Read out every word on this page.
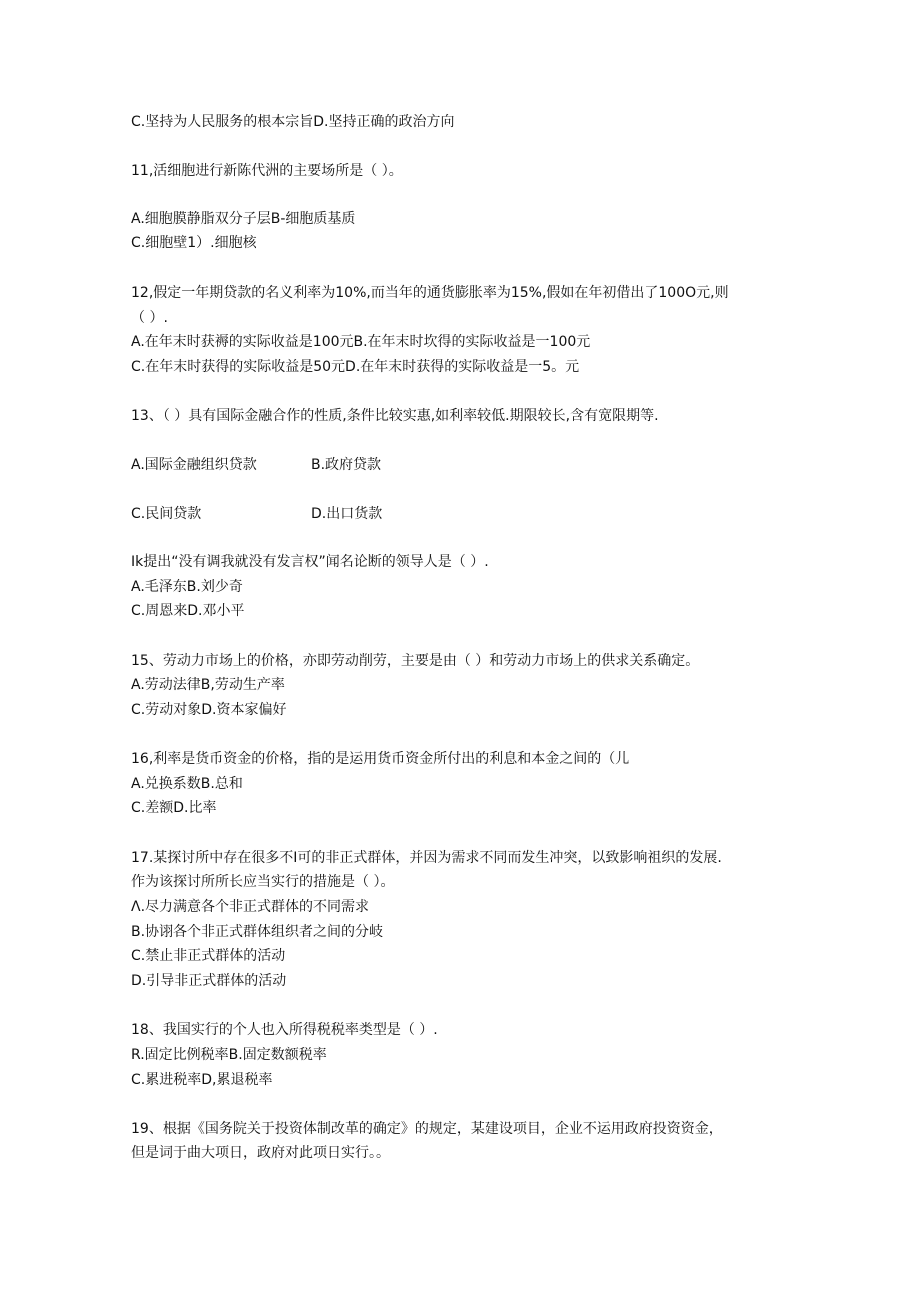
C.坚持为人民服务的根本宗旨D.坚持正确的政治方向
11,活细胞进行新陈代洲的主要场所是（ ）。
A.细胞膜静脂双分子层B-细胞质基质
C.细胞壁1）.细胞核
12,假定一年期贷款的名义利率为10%,而当年的通货膨胀率为15%,假如在年初借出了100O元,则
（ ）.
A.在年末时获褥的实际收益是100元B.在年末时坎得的实际收益是一100元
C.在年末时获得的实际收益是50元D.在年末时获得的实际收益是一5。元
13、（ ）具有国际金融合作的性质,条件比较实惠,如利率较低.期限较长,含有宽限期等.
A.国际金融组织贷款	B.政府贷款
C.民间贷款	D.出口货款
Ik提出“没有调我就没有发言权”闻名论断的领导人是（ ）.
A.毛泽东B.刘少奇
C.周恩来D.邓小平
15、劳动力市场上的价格，亦即劳动削劳，主要是由（ ）和劳动力市场上的供求关系确定。
A.劳动法律B,劳动生产率
C.劳动对象D.资本家偏好
16,利率是货币资金的价格，指的是运用货币资金所付出的利息和本金之间的（儿
A.兑换系数B.总和
C.差额D.比率
17.某探讨所中存在很多不I可的非正式群体，并因为需求不同而发生冲突，以致影响祖织的发展.
作为该探讨所所长应当实行的措施是（ ）。
Λ.尽力满意各个非正式群体的不同需求
B.协诩各个非正式群体组织者之间的分岐
C.禁止非正式群体的活动
D.引导非正式群体的活动
18、我国实行的个人也入所得税税率类型是（ ）.
R.固定比例税率B.固定数额税率
C.累进税率D,累退税率
19、根据《国务院关于投资体制改革的确定》的规定，某建设项目，企业不运用政府投资资金，
但是词于曲大项日，政府对此项日实行。。
